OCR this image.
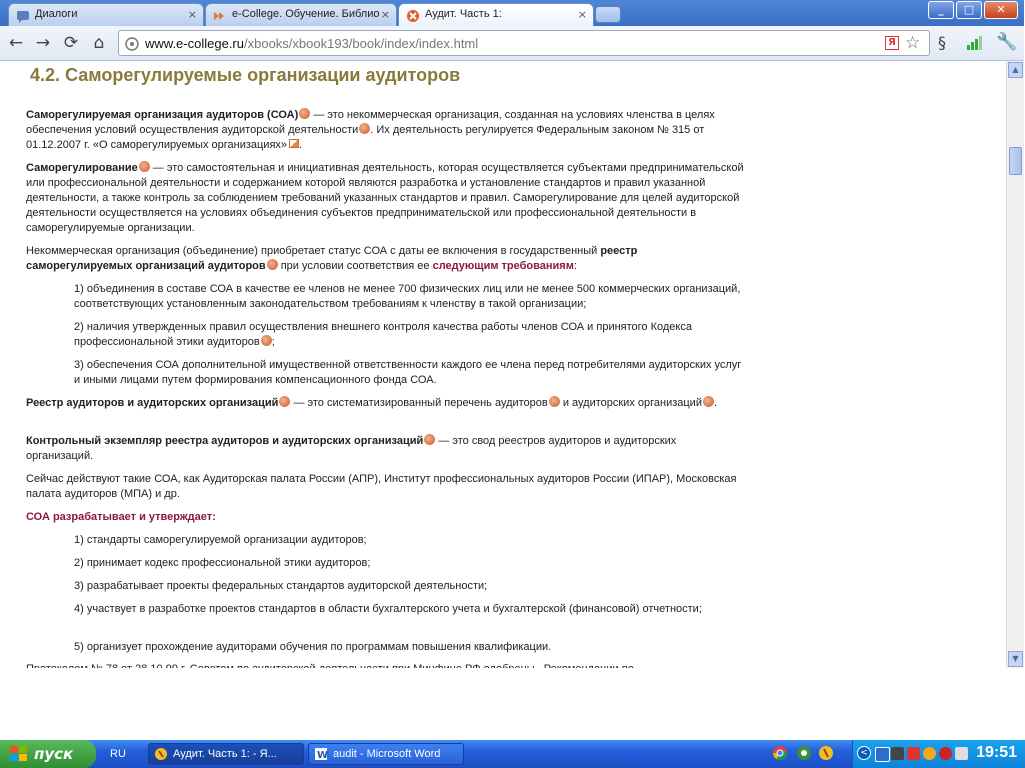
Диалоги	×	e-College. Обучение. Библио ×	Аудит. Часть 1:	×	_	□	✕
← → ⟳ ⌂	www.e-college.ru/xbooks/xbook193/book/index/index.html	Я ☆ §	🔧
4.2. Саморегулируемые организации аудиторов
Саморегулируемая организация аудиторов (СОА) — это некоммерческая организация, созданная на условиях членства в целях обеспечения условий осуществления аудиторской деятельности . Их деятельность регулируется Федеральным законом № 315 от 01.12.2007 г. «О саморегулируемых организациях» .
Саморегулирование — это самостоятельная и инициативная деятельность, которая осуществляется субъектами предпринимательской или профессиональной деятельности и содержанием которой являются разработка и установление стандартов и правил указанной деятельности, а также контроль за соблюдением требований указанных стандартов и правил. Саморегулирование для целей аудиторской деятельности осуществляется на условиях объединения субъектов предпринимательской или профессиональной деятельности в саморегулируемые организации.
Некоммерческая организация (объединение) приобретает статус СОА с даты ее включения в государственный реестр саморегулируемых организаций аудиторов при условии соответствия ее следующим требованиям:
1) объединения в составе СОА в качестве ее членов не менее 700 физических лиц или не менее 500 коммерческих организаций, соответствующих установленным законодательством требованиям к членству в такой организации;
2) наличия утвержденных правил осуществления внешнего контроля качества работы членов СОА и принятого Кодекса профессиональной этики аудиторов ;
3) обеспечения СОА дополнительной имущественной ответственности каждого ее члена перед потребителями аудиторских услуг и иными лицами путем формирования компенсационного фонда СОА.
Реестр аудиторов и аудиторских организаций — это систематизированный перечень аудиторов и аудиторских организаций .
Контрольный экземпляр реестра аудиторов и аудиторских организаций — это свод реестров аудиторов и аудиторских организаций.
Сейчас действуют такие СОА, как Аудиторская палата России (АПР), Институт профессиональных аудиторов России (ИПАР), Московская палата аудиторов (МПА) и др.
СОА разрабатывает и утверждает:
1) стандарты саморегулируемой организации аудиторов;
2) принимает кодекс профессиональной этики аудиторов;
3) разрабатывает проекты федеральных стандартов аудиторской деятельности;
4) участвует в разработке проектов стандартов в области бухгалтерского учета и бухгалтерской (финансовой) отчетности;
5) организует прохождение аудиторами обучения по программам повышения квалификации.
▲
▼
пуск	RU	Аудит. Часть 1: - Я...	W audit - Microsoft Word	<	19:51
